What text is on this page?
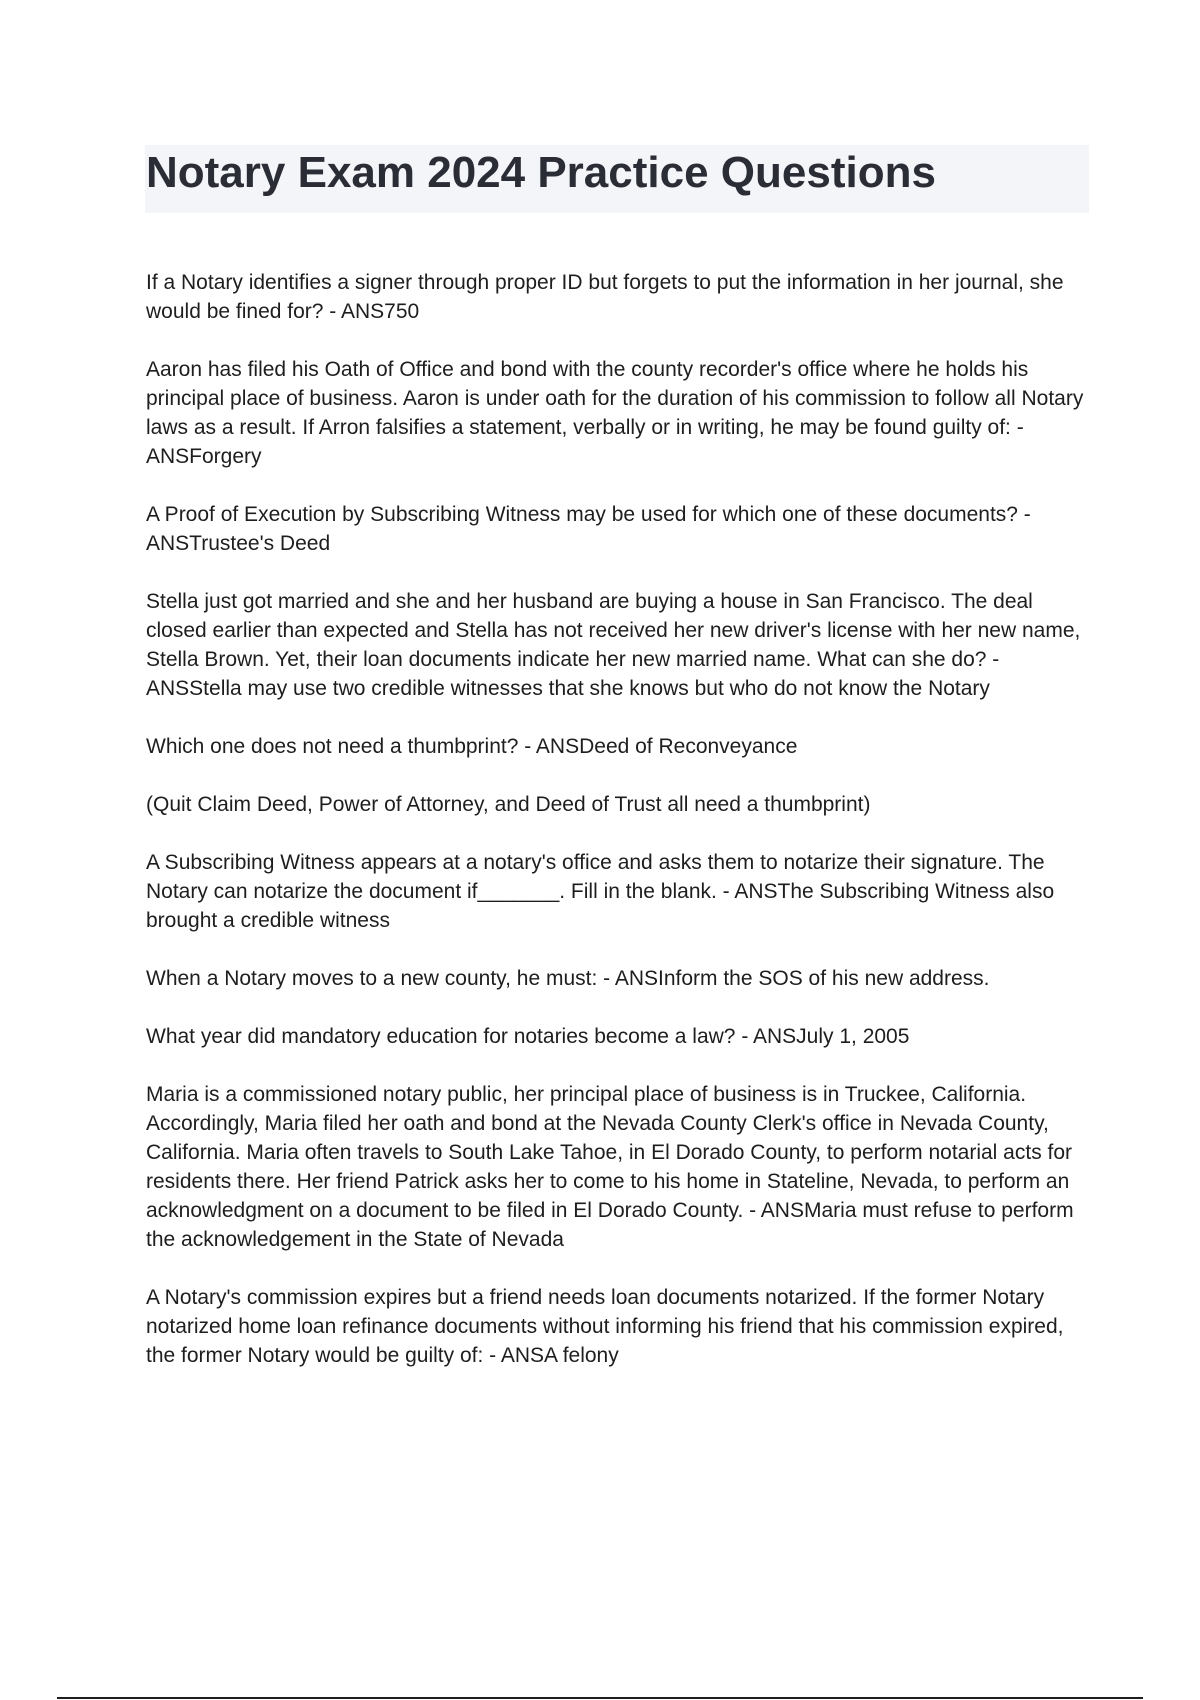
Notary Exam 2024 Practice Questions

If a Notary identifies a signer through proper ID but forgets to put the information in her journal, she would be fined for? - ANS750

Aaron has filed his Oath of Office and bond with the county recorder's office where he holds his principal place of business. Aaron is under oath for the duration of his commission to follow all Notary laws as a result. If Arron falsifies a statement, verbally or in writing, he may be found guilty of: - ANSForgery

A Proof of Execution by Subscribing Witness may be used for which one of these documents? - ANSTrustee's Deed

Stella just got married and she and her husband are buying a house in San Francisco. The deal closed earlier than expected and Stella has not received her new driver's license with her new name, Stella Brown. Yet, their loan documents indicate her new married name. What can she do? - ANSStella may use two credible witnesses that she knows but who do not know the Notary

Which one does not need a thumbprint? - ANSDeed of Reconveyance

(Quit Claim Deed, Power of Attorney, and Deed of Trust all need a thumbprint)

A Subscribing Witness appears at a notary's office and asks them to notarize their signature. The Notary can notarize the document if_______. Fill in the blank. - ANSThe Subscribing Witness also brought a credible witness

When a Notary moves to a new county, he must: - ANSInform the SOS of his new address.

What year did mandatory education for notaries become a law? - ANSJuly 1, 2005

Maria is a commissioned notary public, her principal place of business is in Truckee, California. Accordingly, Maria filed her oath and bond at the Nevada County Clerk's office in Nevada County, California. Maria often travels to South Lake Tahoe, in El Dorado County, to perform notarial acts for residents there. Her friend Patrick asks her to come to his home in Stateline, Nevada, to perform an acknowledgment on a document to be filed in El Dorado County. - ANSMaria must refuse to perform the acknowledgement in the State of Nevada

A Notary's commission expires but a friend needs loan documents notarized. If the former Notary notarized home loan refinance documents without informing his friend that his commission expired, the former Notary would be guilty of: - ANSA felony
